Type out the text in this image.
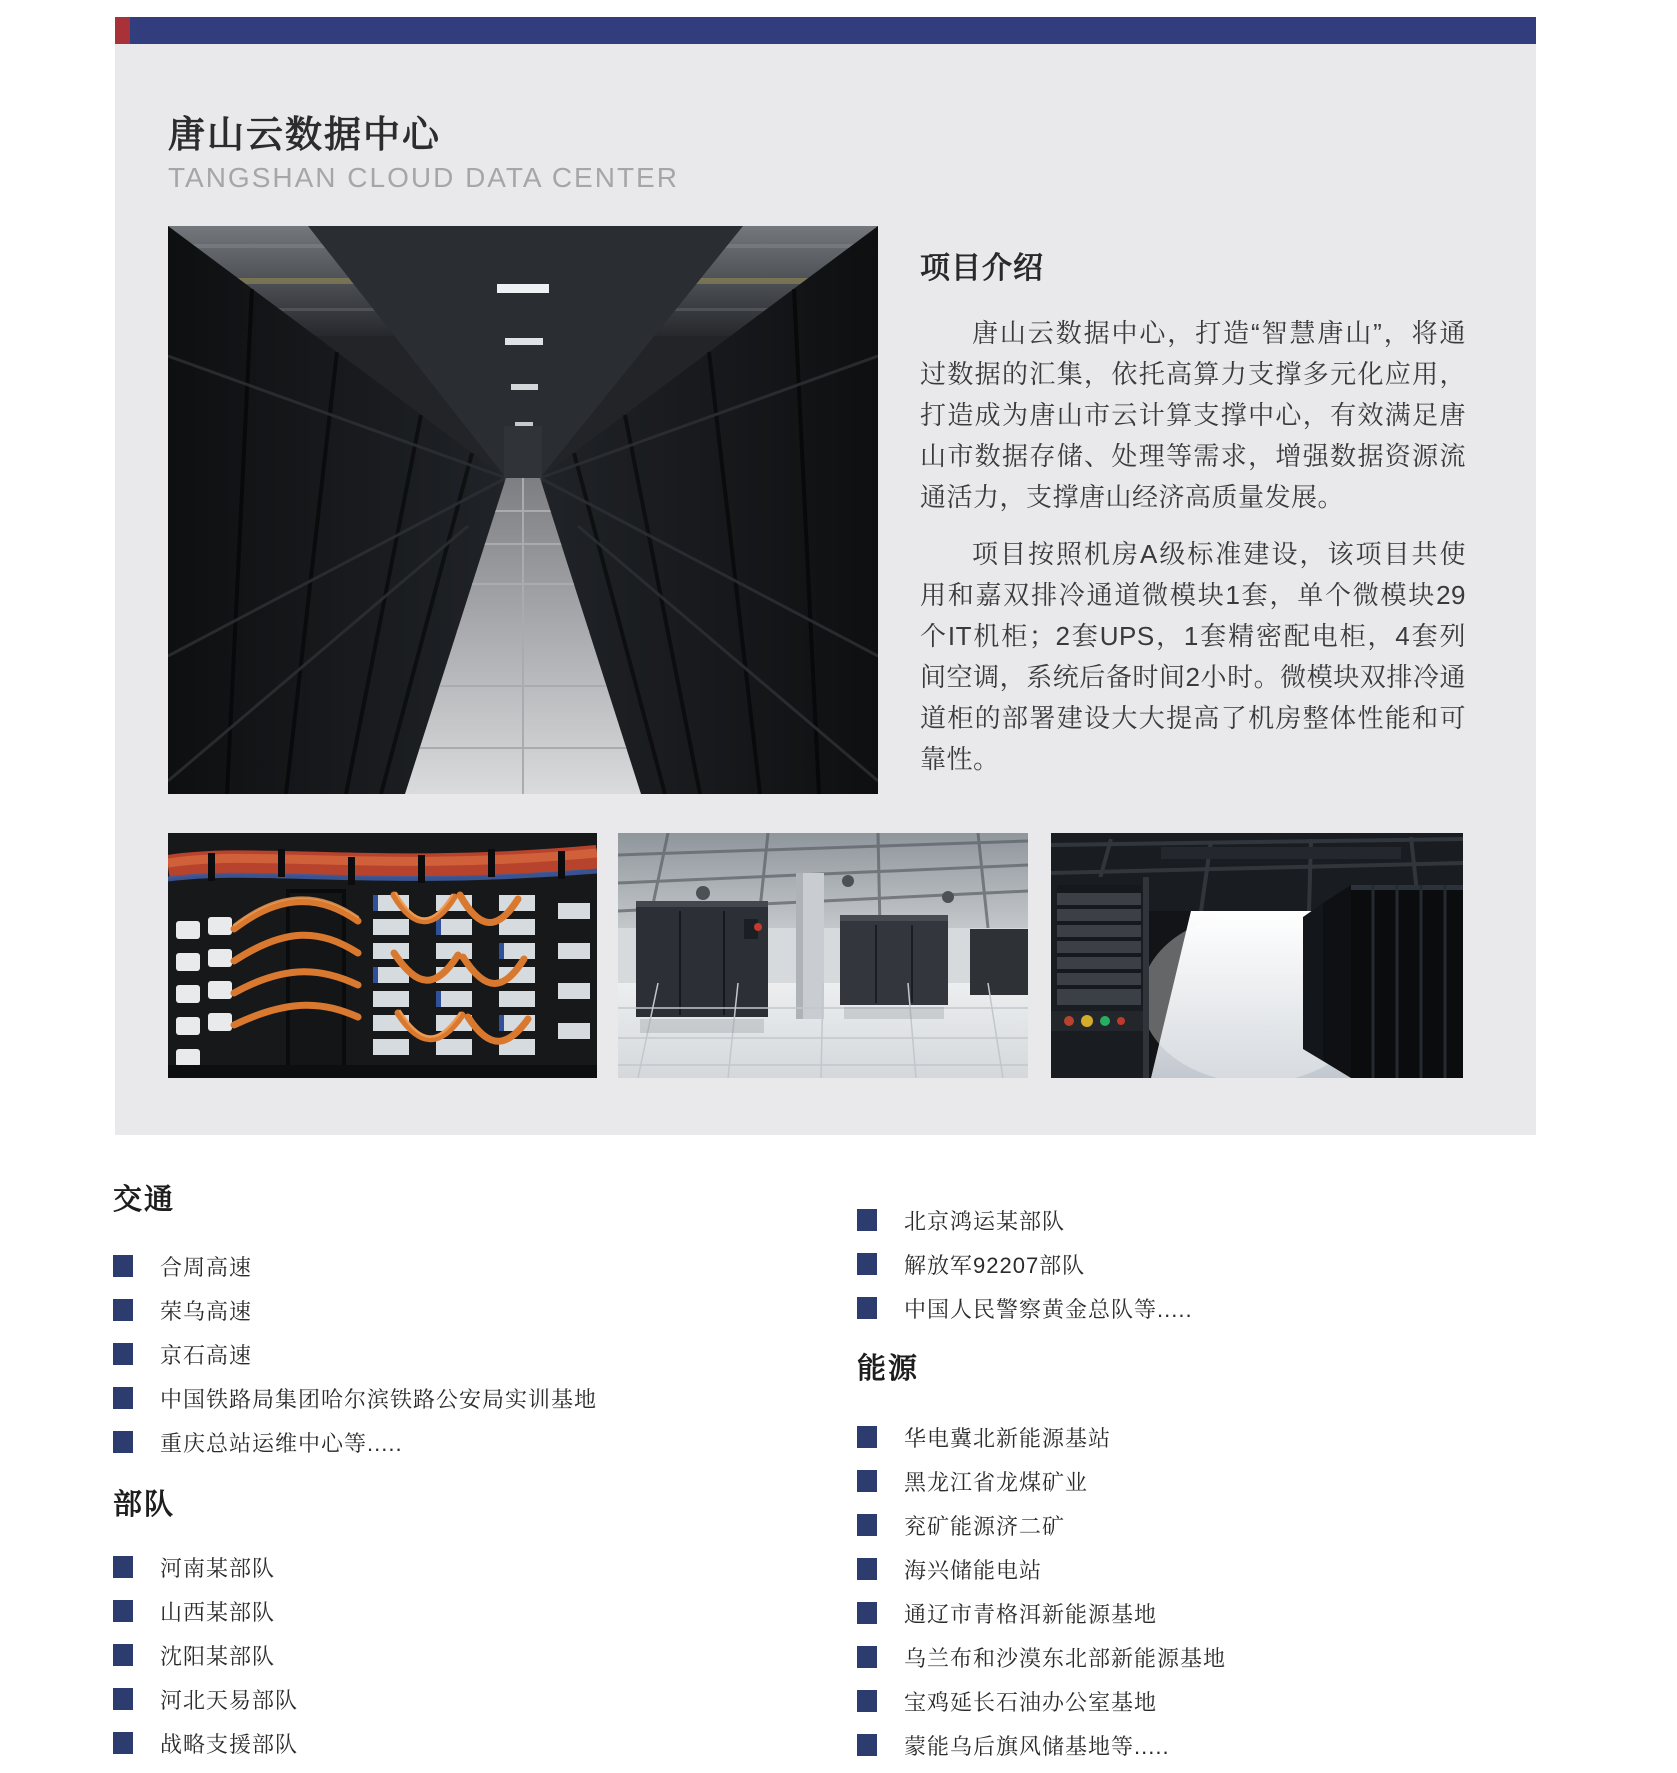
唐山云数据中心
TANGSHAN CLOUD DATA CENTER
项目介绍

唐山云数据中心，打造“智慧唐山”，将通过数据的汇集，依托高算力支撑多元化应用，打造成为唐山市云计算支撑中心，有效满足唐山市数据存储、处理等需求，增强数据资源流通活力，支撑唐山经济高质量发展。

项目按照机房A级标准建设，该项目共使用和嘉双排冷通道微模块1套，单个微模块29个IT机柜；2套UPS，1套精密配电柜，4套列间空调，系统后备时间2小时。微模块双排冷通道柜的部署建设大大提高了机房整体性能和可靠性。

交通
合周高速
荣乌高速
京石高速
中国铁路局集团哈尔滨铁路公安局实训基地
重庆总站运维中心等.....
部队
河南某部队
山西某部队
沈阳某部队
河北天易部队
战略支援部队
北京鸿运某部队
解放军92207部队
中国人民警察黄金总队等.....
能源
华电冀北新能源基站
黑龙江省龙煤矿业
兖矿能源济二矿
海兴储能电站
通辽市青格洱新能源基地
乌兰布和沙漠东北部新能源基地
宝鸡延长石油办公室基地
蒙能乌后旗风储基地等.....
